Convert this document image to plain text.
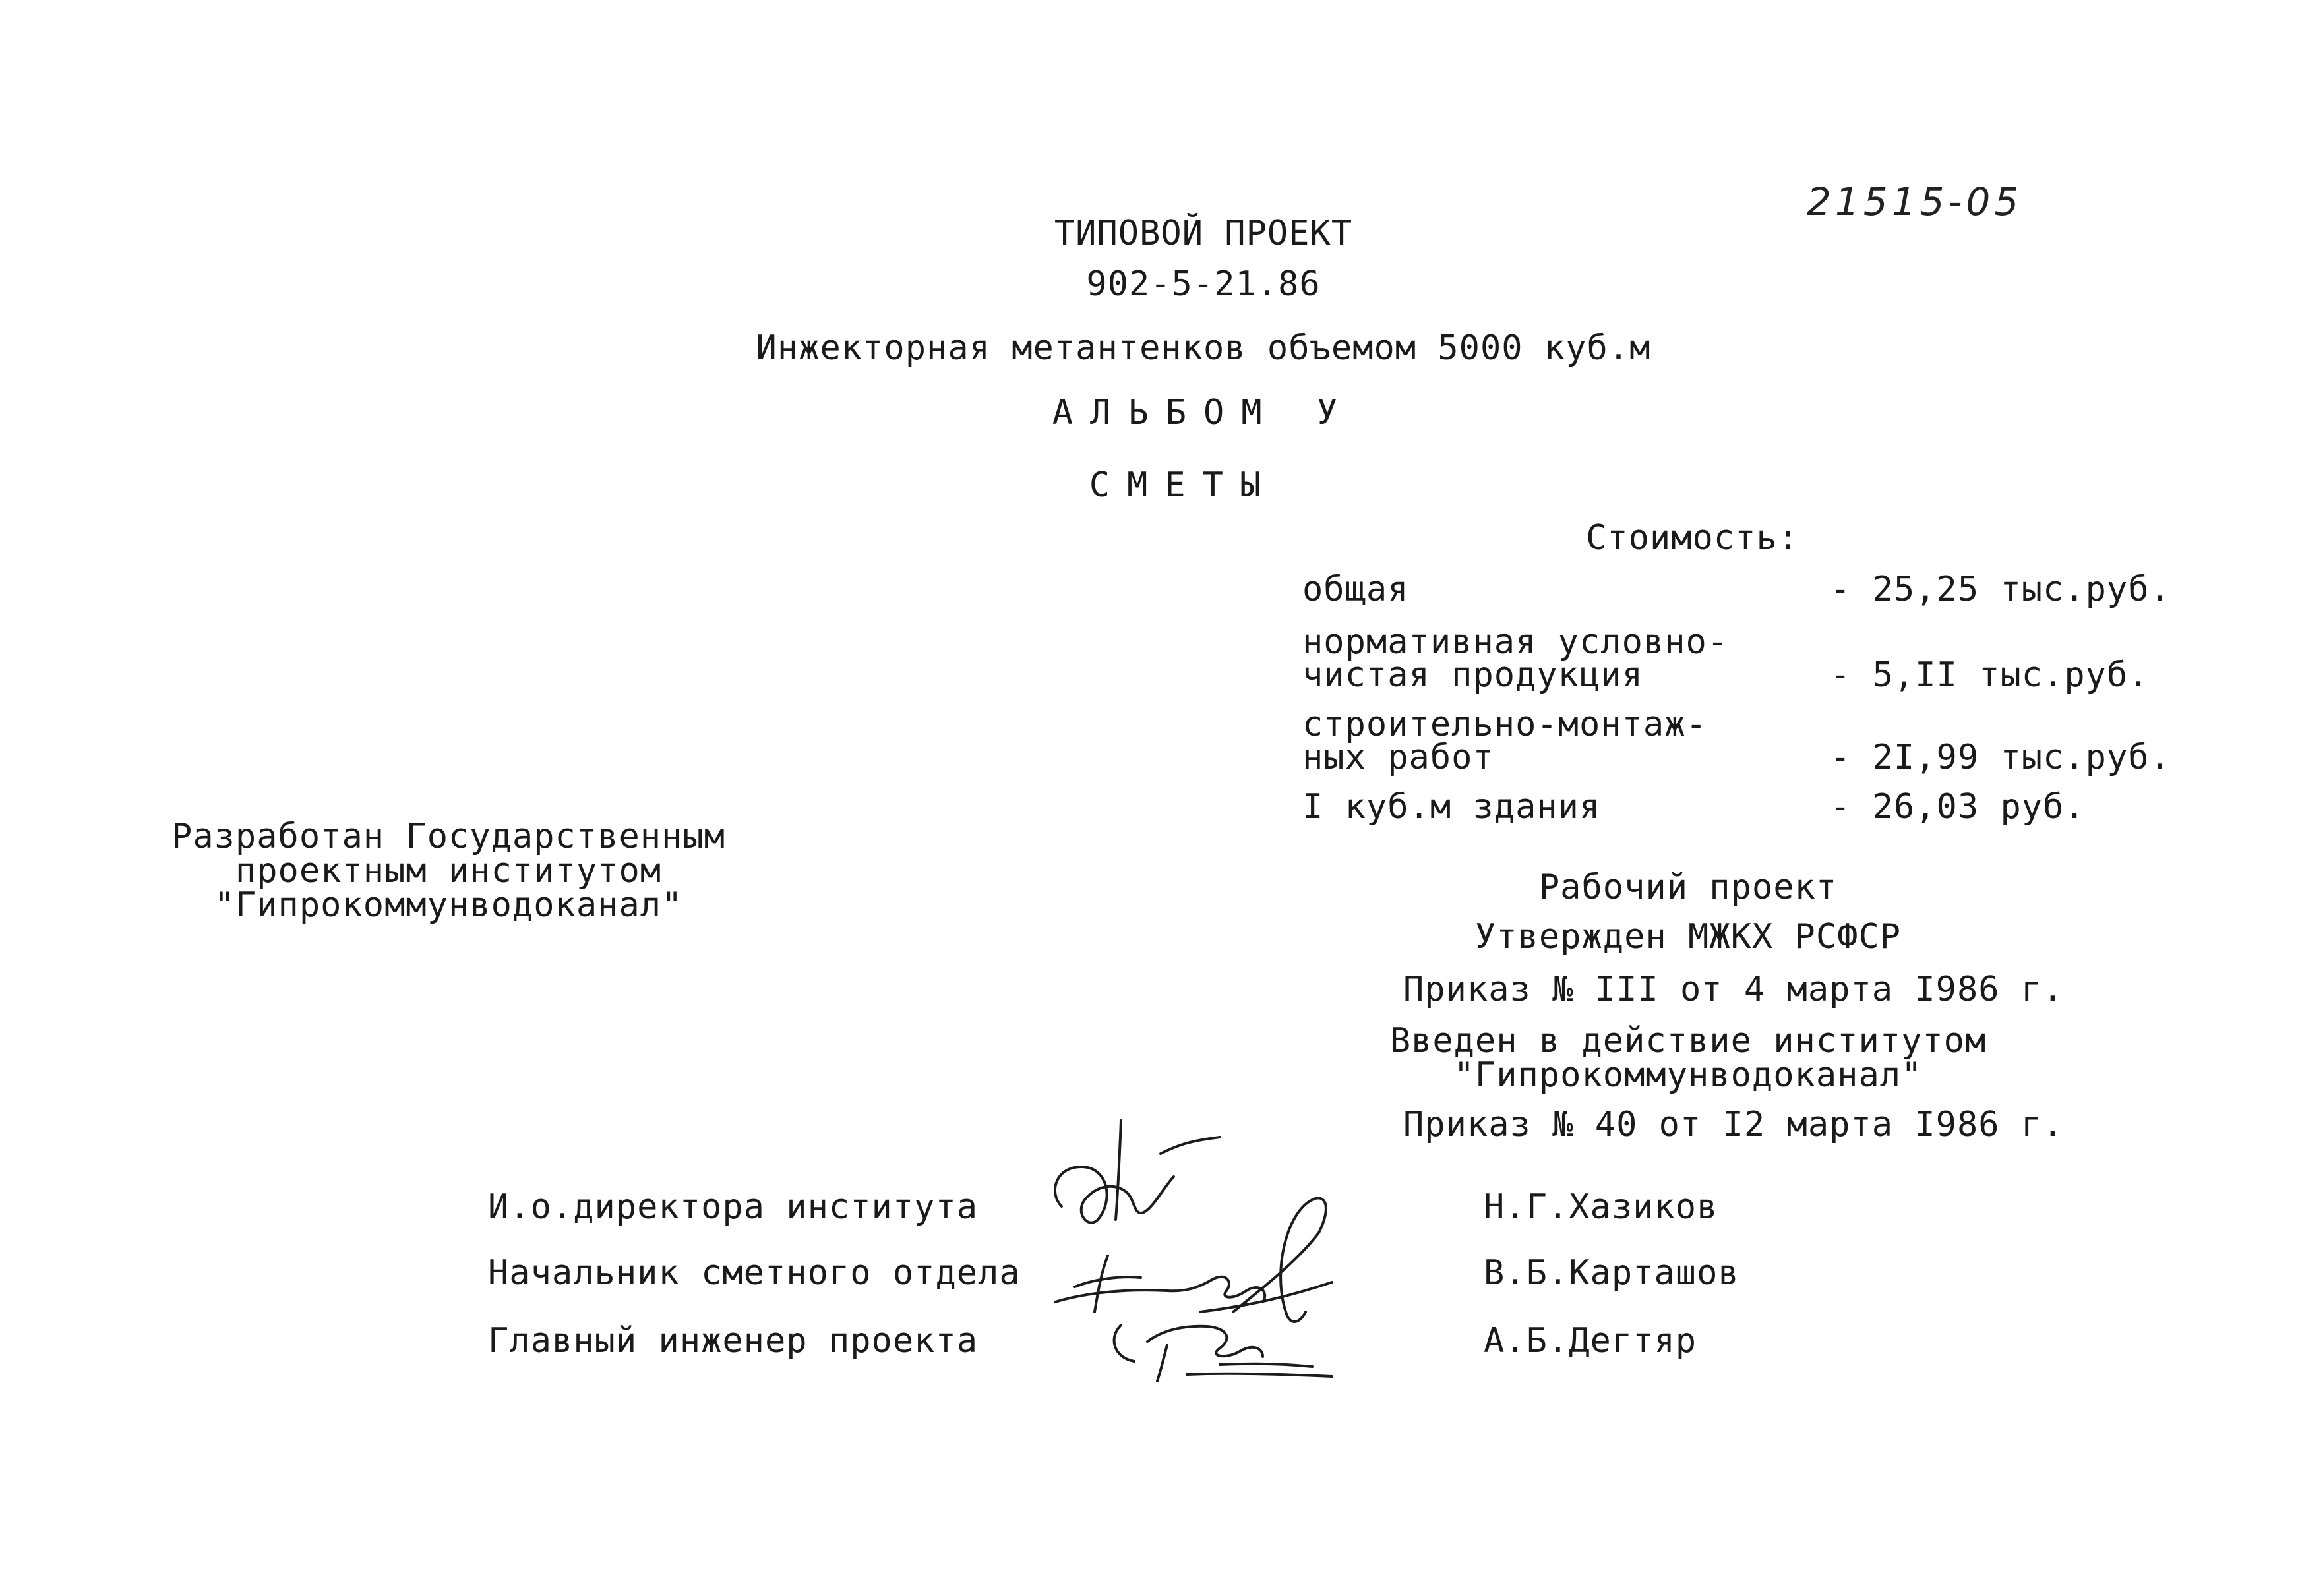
21515-05
ТИПОВОЙ ПРОЕКТ
902-5-21.86
Инжекторная метантенков объемом 5000 куб.м
АЛЬБОМ У
СМЕТЫ
Стоимость:
общая	- 25,25 тыс.руб.
нормативная условно-
чистая продукция	- 5,II тыс.руб.
строительно-монтаж-
ных работ	- 2I,99 тыс.руб.
I куб.м здания	- 26,03 руб.
Разработан Государственным
проектным институтом
"Гипрокоммунводоканал"	Рабочий проект
Утвержден МЖКХ РСФСР
Приказ № III от 4 марта I986 г.
Введен в действие институтом
"Гипрокоммунводоканал"
Приказ № 40 от I2 марта I986 г.
И.о.директора института	Н.Г.Хазиков
Начальник сметного отдела	В.Б.Карташов
Главный инженер проекта	А.Б.Дегтяр
